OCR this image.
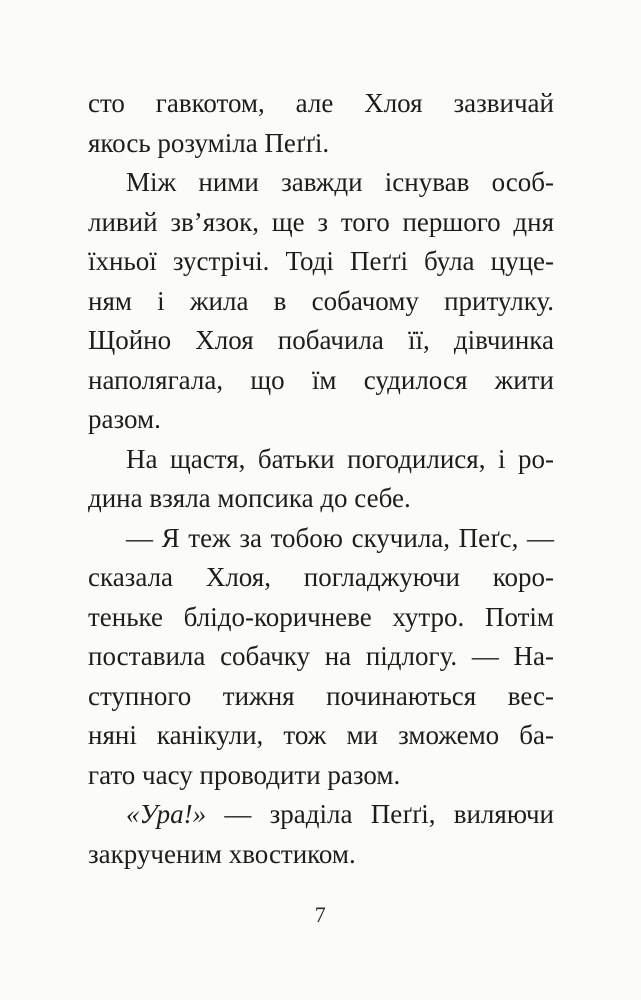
сто гавкотом, але Хлоя зазвичай
якось розуміла Пеґґі.
Між ними завжди існував особ-
ливий зв’язок, ще з того першого дня
їхньої зустрічі. Тоді Пеґґі була цуце-
ням і жила в собачому притулку.
Щойно Хлоя побачила її, дівчинка
наполягала, що їм судилося жити
разом.
На щастя, батьки погодилися, і ро-
дина взяла мопсика до себе.
— Я теж за тобою скучила, Пеґс, —
сказала Хлоя, погладжуючи коро-
теньке блідо-коричневе хутро. Потім
поставила собачку на підлогу. — На-
ступного тижня починаються вес-
няні канікули, тож ми зможемо ба-
гато часу проводити разом.
«Ура!» — зраділа Пеґґі, виляючи
закрученим хвостиком.
7
